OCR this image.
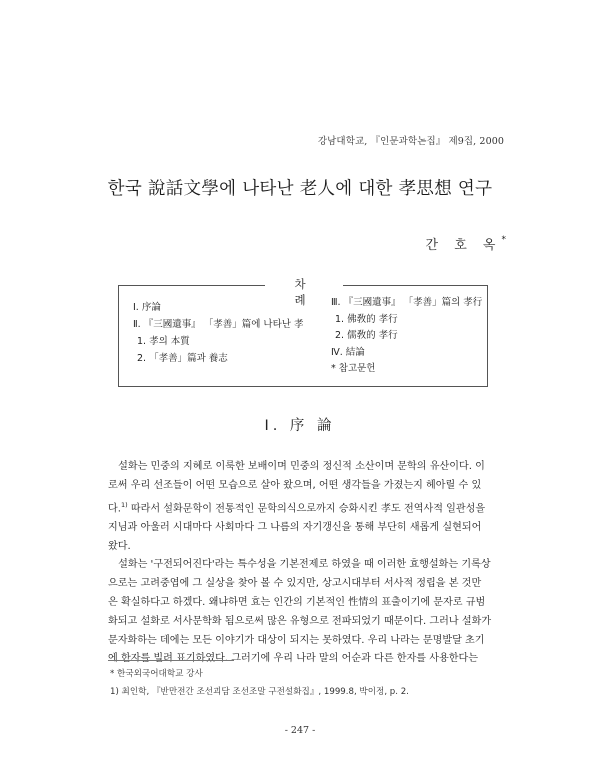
강남대학교, 『인문과학논집』 제9집, 2000
한국 說話文學에 나타난 老人에 대한 孝思想 연구
간 호 옥*
차 례
Ⅰ. 序論
Ⅱ. 『三國遺事』 「孝善」篇에 나타난 孝
1. 孝의 本質
2. 「孝善」篇과 養志
Ⅲ. 『三國遺事』 「孝善」篇의 孝行
1. 佛敎的 孝行
2. 儒敎的 孝行
Ⅳ. 結論
* 참고문헌
Ⅰ. 序 論
　설화는 민중의 지혜로 이룩한 보배이며 민중의 정신적 소산이며 문학의 유산이다. 이
로써 우리 선조들이 어떤 모습으로 살아 왔으며, 어떤 생각들을 가졌는지 헤아릴 수 있
다.$^{1)}$ 따라서 설화문학이 전통적인 문학의식으로까지 승화시킨 孝도 전역사적 일관성을
지님과 아울러 시대마다 사회마다 그 나름의 자기갱신을 통해 부단히 새롭게 실현되어
왔다.
　설화는 '구전되어진다'라는 특수성을 기본전제로 하였을 때 이러한 효행설화는 기록상
으로는 고려중엽에 그 실상을 찾아 볼 수 있지만, 상고시대부터 서사적 정립을 본 것만
은 확실하다고 하겠다. 왜냐하면 효는 인간의 기본적인 性情의 표출이기에 문자로 규범
화되고 설화로 서사문학화 됨으로써 많은 유형으로 전파되었기 때문이다. 그러나 설화가
문자화하는 데에는 모든 이야기가 대상이 되지는 못하였다. 우리 나라는 문명발달 초기
에 한자를 빌려 표기하였다. 그러기에 우리 나라 말의 어순과 다른 한자를 사용한다는
* 한국외국어대학교 강사
1) 최인학, 『반만전간 조선괴담 조선조말 구전설화집』, 1999.8, 박이정, p. 2.
- 247 -
